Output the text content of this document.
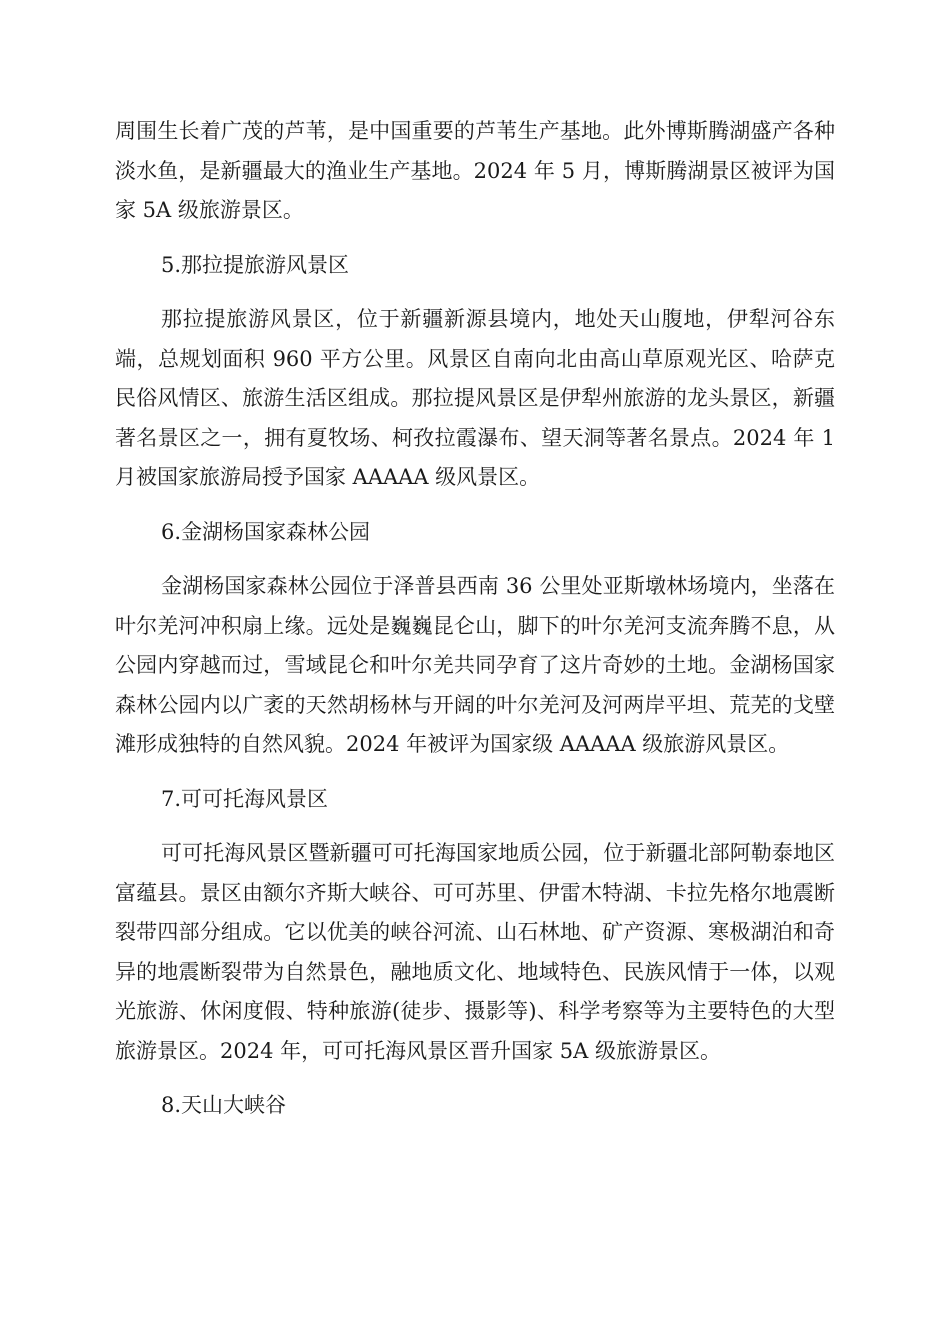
周围生长着广茂的芦苇，是中国重要的芦苇生产基地。此外博斯腾湖盛产各种淡水鱼，是新疆最大的渔业生产基地。2024 年 5 月，博斯腾湖景区被评为国家 5A 级旅游景区。

5.那拉提旅游风景区

那拉提旅游风景区，位于新疆新源县境内，地处天山腹地，伊犁河谷东端，总规划面积 960 平方公里。风景区自南向北由高山草原观光区、哈萨克民俗风情区、旅游生活区组成。那拉提风景区是伊犁州旅游的龙头景区，新疆著名景区之一，拥有夏牧场、柯孜拉霞瀑布、望天洞等著名景点。2024 年 1 月被国家旅游局授予国家 AAAAA 级风景区。

6.金湖杨国家森林公园

金湖杨国家森林公园位于泽普县西南 36 公里处亚斯墩林场境内，坐落在叶尔羌河冲积扇上缘。远处是巍巍昆仑山，脚下的叶尔羌河支流奔腾不息，从公园内穿越而过，雪域昆仑和叶尔羌共同孕育了这片奇妙的土地。金湖杨国家森林公园内以广袤的天然胡杨林与开阔的叶尔羌河及河两岸平坦、荒芜的戈壁滩形成独特的自然风貌。2024 年被评为国家级 AAAAA 级旅游风景区。

7.可可托海风景区

可可托海风景区暨新疆可可托海国家地质公园，位于新疆北部阿勒泰地区富蕴县。景区由额尔齐斯大峡谷、可可苏里、伊雷木特湖、卡拉先格尔地震断裂带四部分组成。它以优美的峡谷河流、山石林地、矿产资源、寒极湖泊和奇异的地震断裂带为自然景色，融地质文化、地域特色、民族风情于一体，以观光旅游、休闲度假、特种旅游(徒步、摄影等)、科学考察等为主要特色的大型旅游景区。2024 年，可可托海风景区晋升国家 5A 级旅游景区。

8.天山大峡谷
